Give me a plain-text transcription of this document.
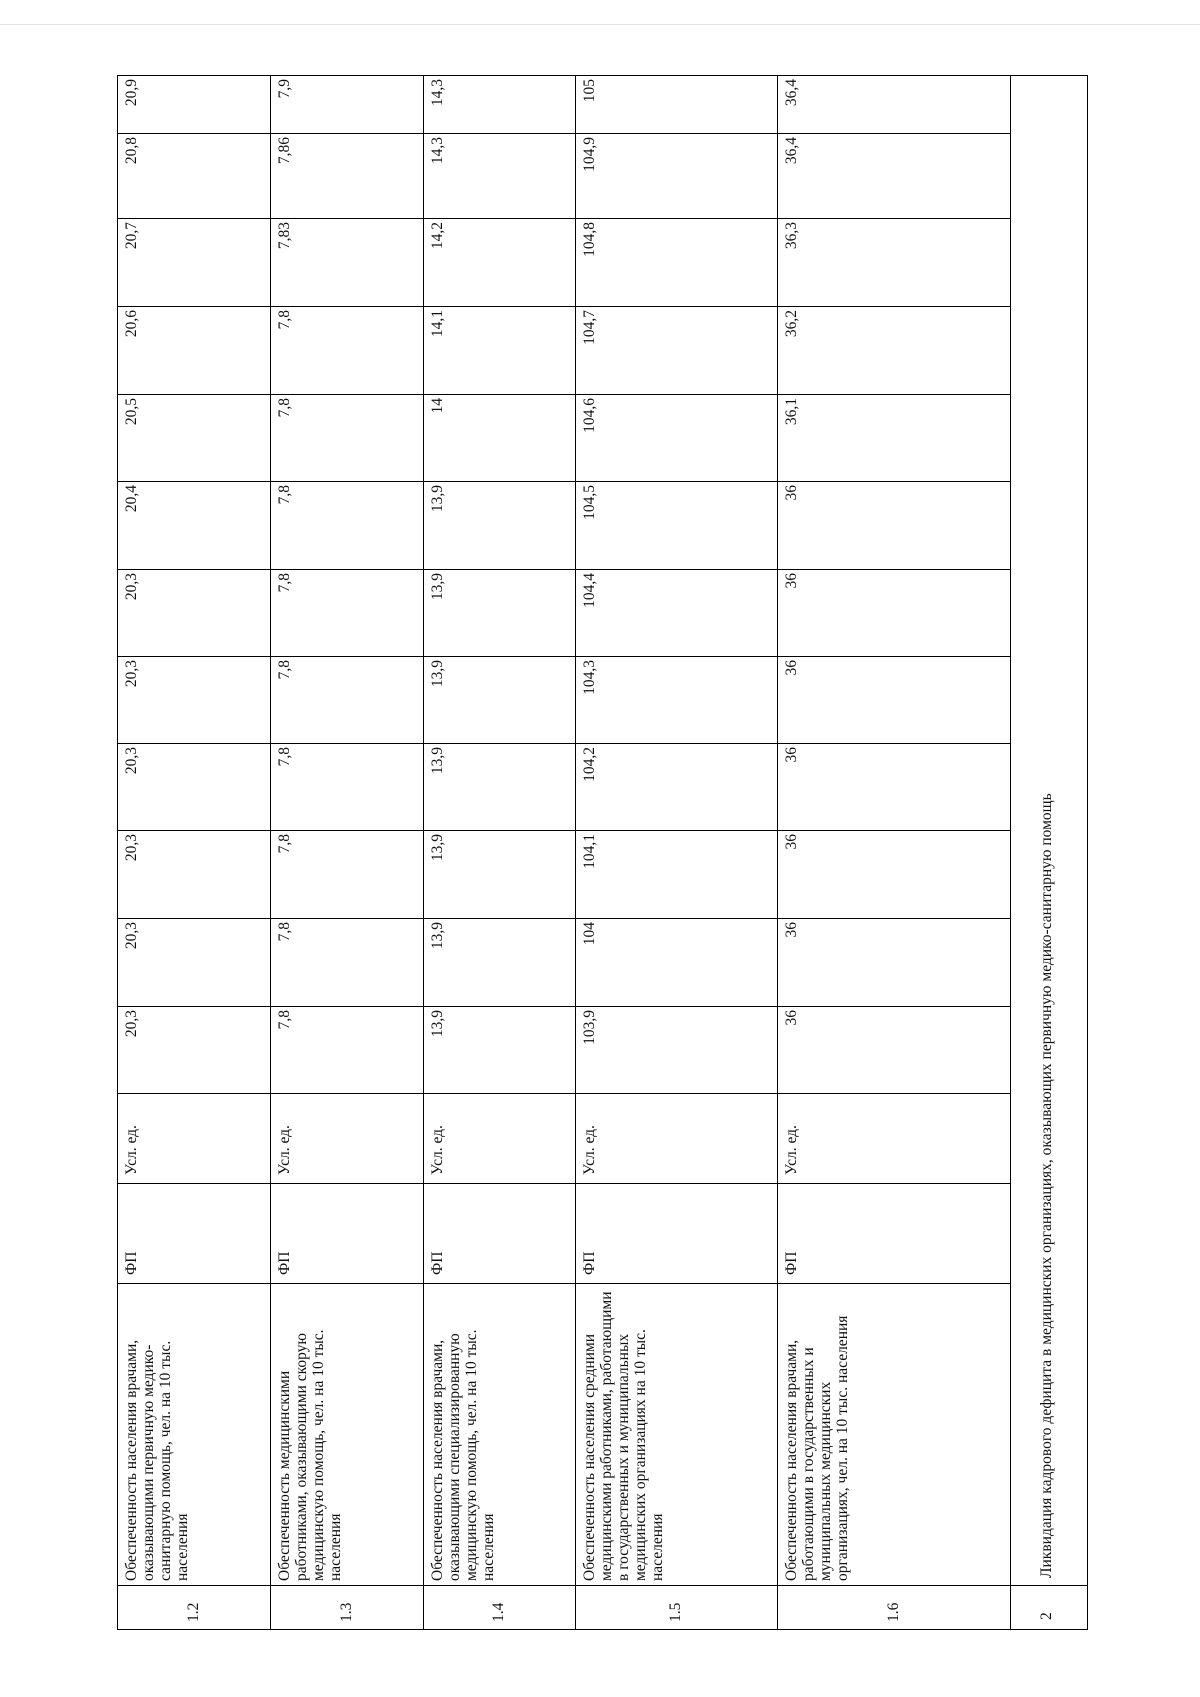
1.2
Обеспеченность населения врачами, оказывающими первичную медико-санитарную помощь, чел. на 10 тыс. населения
ФП
Усл. ед.
20,3
20,3
20,3
20,3
20,3
20,3
20,4
20,5
20,6
20,7
20,8
20,9
1.3
Обеспеченность медицинскими работниками, оказывающими скорую медицинскую помощь, чел. на 10 тыс. населения
ФП
Усл. ед.
7,8
7,8
7,8
7,8
7,8
7,8
7,8
7,8
7,8
7,83
7,86
7,9
1.4
Обеспеченность населения врачами, оказывающими специализированную медицинскую помощь, чел. на 10 тыс. населения
ФП
Усл. ед.
13,9
13,9
13,9
13,9
13,9
13,9
13,9
14
14,1
14,2
14,3
14,3
1.5
Обеспеченность населения средними медицинскими работниками, работающими в государственных и муниципальных медицинских организациях на 10 тыс. населения
ФП
Усл. ед.
103,9
104
104,1
104,2
104,3
104,4
104,5
104,6
104,7
104,8
104,9
105
1.6
Обеспеченность населения врачами, работающими в государственных и муниципальных медицинских организациях, чел. на 10 тыс. населения
ФП
Усл. ед.
36
36
36
36
36
36
36
36,1
36,2
36,3
36,4
36,4
2
Ликвидация кадрового дефицита в медицинских организациях, оказывающих первичную медико-санитарную помощь
